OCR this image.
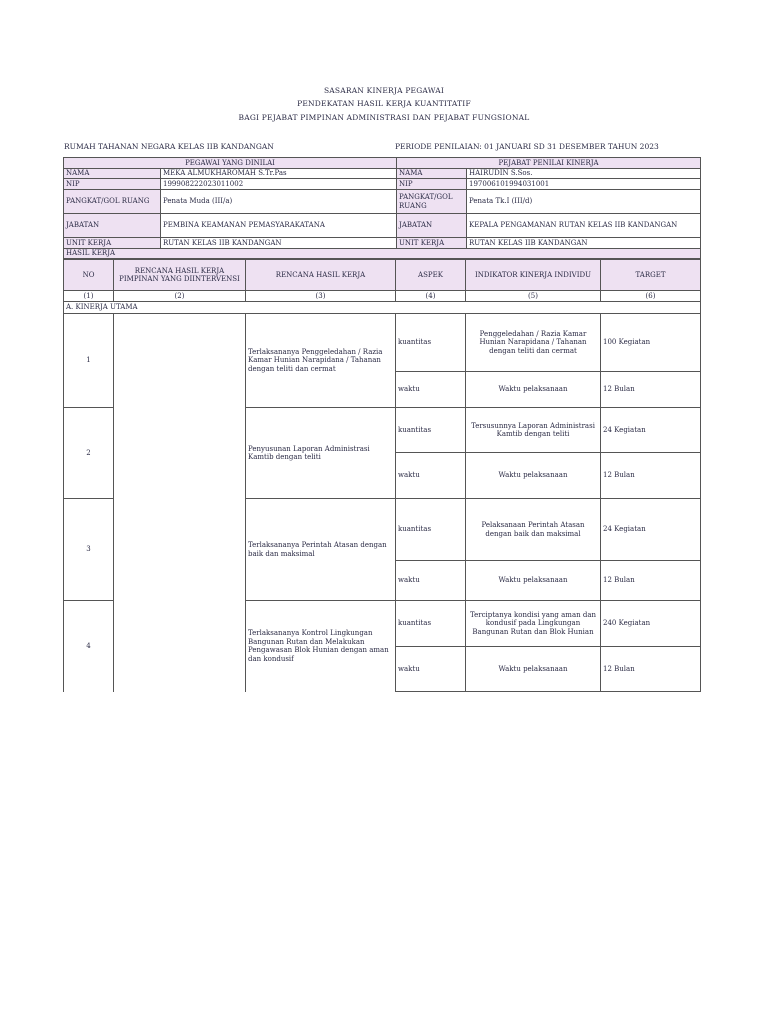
SASARAN KINERJA PEGAWAI
PENDEKATAN HASIL KERJA KUANTITATIF
BAGI PEJABAT PIMPINAN ADMINISTRASI DAN PEJABAT FUNGSIONAL
RUMAH TAHANAN NEGARA KELAS IIB KANDANGAN	PERIODE PENILAIAN: 01 JANUARI SD 31 DESEMBER TAHUN 2023
PEGAWAI YANG DINILAI		PEJABAT PENILAI KINERJA	
NAMA	MEKA ALMUKHAROMAH S.Tr.Pas	NAMA	HAIRUDIN S.Sos.
NIP	199908222023011002	NIP	197006101994031001
PANGKAT/GOL RUANG	Penata Muda (III/a)	PANGKAT/GOL RUANG	Penata Tk.I (III/d)
JABATAN	PEMBINA KEAMANAN PEMASYARAKATANA	JABATAN	KEPALA PENGAMANAN RUTAN KELAS IIB KANDANGAN
UNIT KERJA	RUTAN KELAS IIB KANDANGAN	UNIT KERJA	RUTAN KELAS IIB KANDANGAN
HASIL KERJA			
NO	RENCANA HASIL KERJA PIMPINAN YANG DIINTERVENSI	RENCANA HASIL KERJA	ASPEK	INDIKATOR KINERJA INDIVIDU	TARGET
(1)	(2)	(3)	(4)	(5)	(6)
A. KINERJA UTAMA					
1		Terlaksananya Penggeledahan / Razia Kamar Hunian Narapidana / Tahanan dengan teliti dan cermat	kuantitas	Penggeledahan / Razia Kamar Hunian Narapidana / Tahanan dengan teliti dan cermat	100 Kegiatan
			waktu	Waktu pelaksanaan	12 Bulan
2		Penyusunan Laporan Administrasi Kamtib dengan teliti	kuantitas	Tersusunnya Laporan Administrasi Kamtib dengan teliti	24 Kegiatan
			waktu	Waktu pelaksanaan	12 Bulan
3		Terlaksananya Perintah Atasan dengan baik dan maksimal	kuantitas	Pelaksanaan Perintah Atasan dengan baik dan maksimal	24 Kegiatan
			waktu	Waktu pelaksanaan	12 Bulan
4		Terlaksananya Kontrol Lingkungan Bangunan Rutan dan Melakukan Pengawasan Blok Hunian dengan aman dan kondusif	kuantitas	Terciptanya kondisi yang aman dan kondusif pada Lingkungan Bangunan Rutan dan Blok Hunian	240 Kegiatan
			waktu	Waktu pelaksanaan	12 Bulan
